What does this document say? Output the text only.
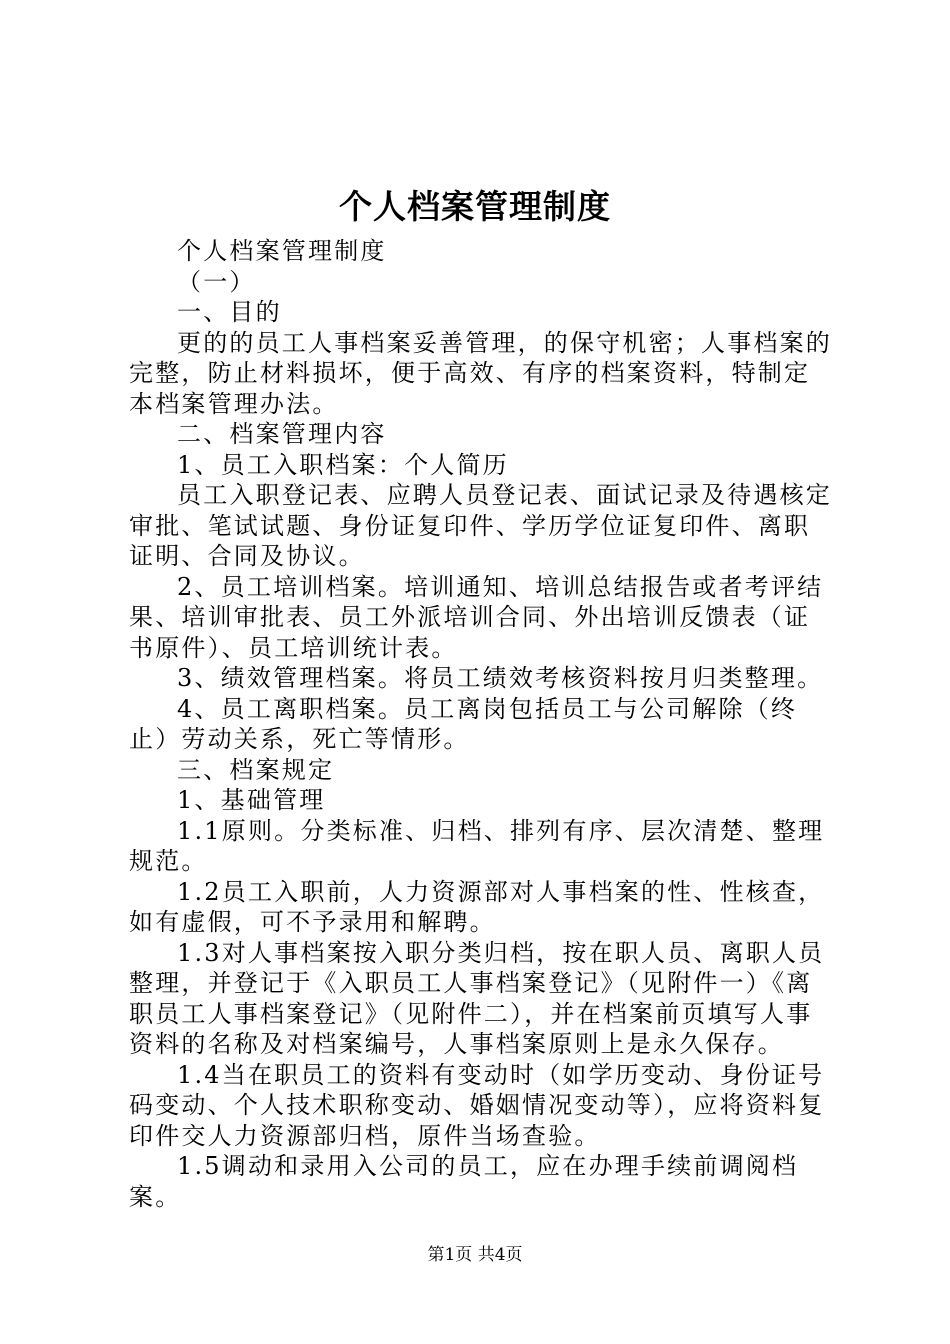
个人档案管理制度

个人档案管理制度

（一）

一、目的

更的的员工人事档案妥善管理，的保守机密；人事档案的完整，防止材料损坏，便于高效、有序的档案资料，特制定本档案管理办法。

二、档案管理内容

1、员工入职档案：个人简历

员工入职登记表、应聘人员登记表、面试记录及待遇核定审批、笔试试题、身份证复印件、学历学位证复印件、离职证明、合同及协议。

2、员工培训档案。培训通知、培训总结报告或者考评结果、培训审批表、员工外派培训合同、外出培训反馈表（证书原件）、员工培训统计表。

3、绩效管理档案。将员工绩效考核资料按月归类整理。

4、员工离职档案。员工离岗包括员工与公司解除（终止）劳动关系，死亡等情形。

三、档案规定

1、基础管理

1.1原则。分类标准、归档、排列有序、层次清楚、整理规范。

1.2员工入职前，人力资源部对人事档案的性、性核查，如有虚假，可不予录用和解聘。

1.3对人事档案按入职分类归档，按在职人员、离职人员整理，并登记于《入职员工人事档案登记》（见附件一）《离职员工人事档案登记》（见附件二），并在档案前页填写人事资料的名称及对档案编号，人事档案原则上是永久保存。

1.4当在职员工的资料有变动时（如学历变动、身份证号码变动、个人技术职称变动、婚姻情况变动等），应将资料复印件交人力资源部归档，原件当场查验。

1.5调动和录用入公司的员工，应在办理手续前调阅档案。

第1页 共4页
